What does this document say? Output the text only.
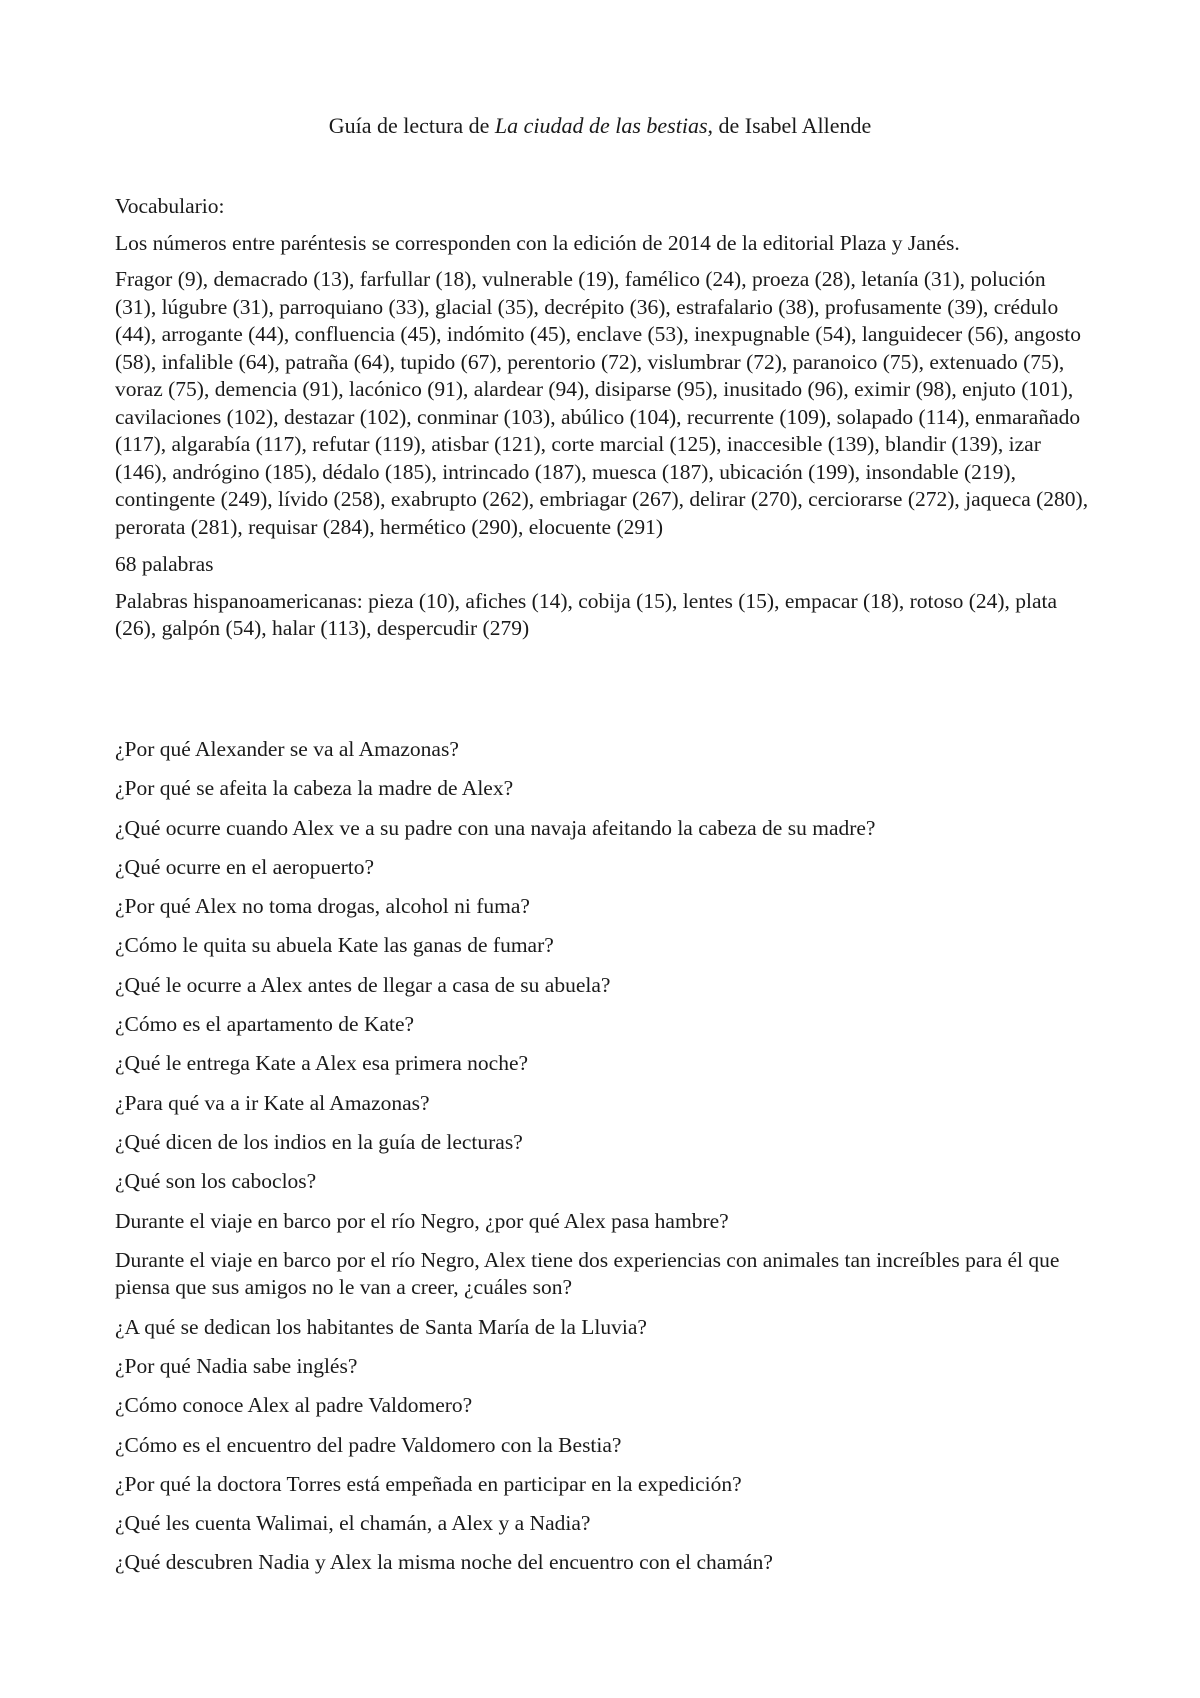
Guía de lectura de La ciudad de las bestias, de Isabel Allende

Vocabulario:

Los números entre paréntesis se corresponden con la edición de 2014 de la editorial Plaza y Janés.

Fragor (9), demacrado (13), farfullar (18), vulnerable (19), famélico (24), proeza (28), letanía (31), polución (31), lúgubre (31), parroquiano (33), glacial (35), decrépito (36), estrafalario (38), profusamente (39), crédulo (44), arrogante (44), confluencia (45), indómito (45), enclave (53), inexpugnable (54), languidecer (56), angosto (58), infalible (64), patraña (64), tupido (67), perentorio (72), vislumbrar (72), paranoico (75), extenuado (75), voraz (75), demencia (91), lacónico (91), alardear (94), disiparse (95), inusitado (96), eximir (98), enjuto (101), cavilaciones (102), destazar (102), conminar (103), abúlico (104), recurrente (109), solapado (114), enmarañado (117), algarabía (117), refutar (119), atisbar (121), corte marcial (125), inaccesible (139), blandir (139), izar (146), andrógino (185), dédalo (185), intrincado (187), muesca (187), ubicación (199), insondable (219), contingente (249), lívido (258), exabrupto (262), embriagar (267), delirar (270), cerciorarse (272), jaqueca (280), perorata (281), requisar (284), hermético (290), elocuente (291)

68 palabras

Palabras hispanoamericanas: pieza (10), afiches (14), cobija (15), lentes (15), empacar (18), rotoso (24), plata (26), galpón (54), halar (113), despercudir (279)

¿Por qué Alexander se va al Amazonas?

¿Por qué se afeita la cabeza la madre de Alex?

¿Qué ocurre cuando Alex ve a su padre con una navaja afeitando la cabeza de su madre?

¿Qué ocurre en el aeropuerto?

¿Por qué Alex no toma drogas, alcohol ni fuma?

¿Cómo le quita su abuela Kate las ganas de fumar?

¿Qué le ocurre a Alex antes de llegar a casa de su abuela?

¿Cómo es el apartamento de Kate?

¿Qué le entrega Kate a Alex esa primera noche?

¿Para qué va a ir Kate al Amazonas?

¿Qué dicen de los indios en la guía de lecturas?

¿Qué son los caboclos?

Durante el viaje en barco por el río Negro, ¿por qué Alex pasa hambre?

Durante el viaje en barco por el río Negro, Alex tiene dos experiencias con animales tan increíbles para él que piensa que sus amigos no le van a creer, ¿cuáles son?

¿A qué se dedican los habitantes de Santa María de la Lluvia?

¿Por qué Nadia sabe inglés?

¿Cómo conoce Alex al padre Valdomero?

¿Cómo es el encuentro del padre Valdomero con la Bestia?

¿Por qué la doctora Torres está empeñada en participar en la expedición?

¿Qué les cuenta Walimai, el chamán, a Alex y a Nadia?

¿Qué descubren Nadia y Alex la misma noche del encuentro con el chamán?
